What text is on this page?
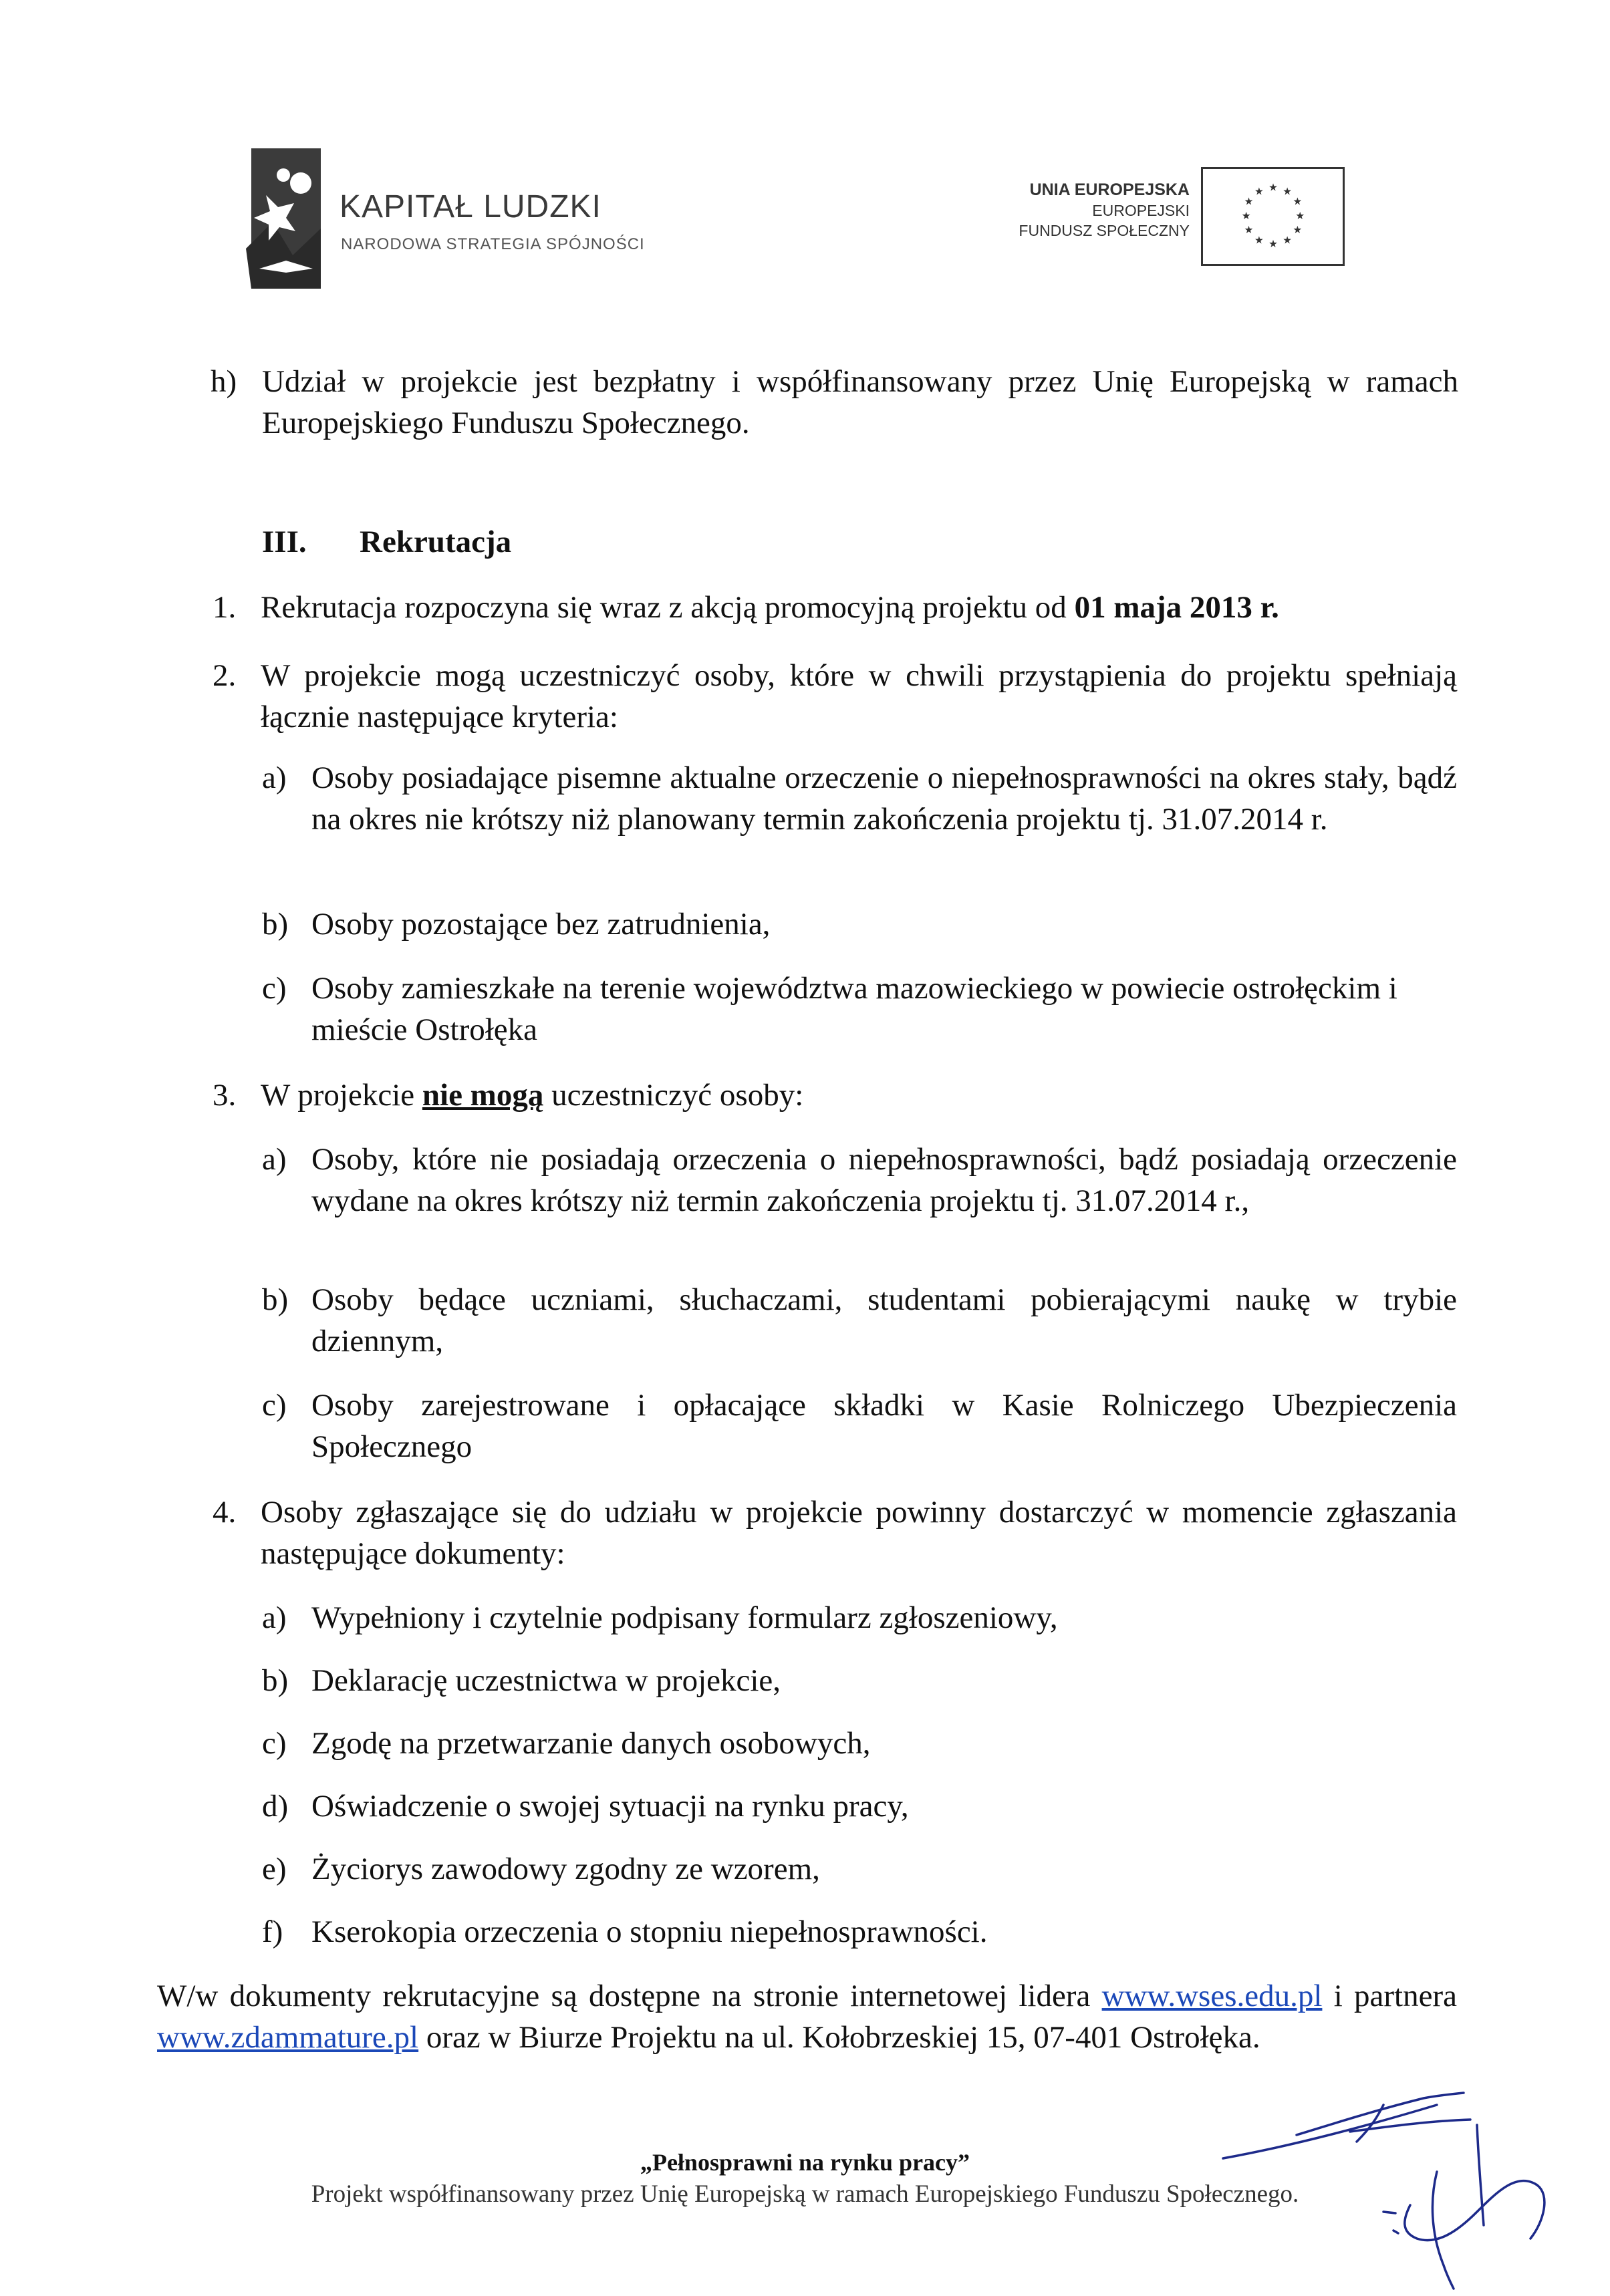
KAPITAŁ LUDZKI
NARODOWA STRATEGIA SPÓJNOŚCI
UNIA EUROPEJSKA
EUROPEJSKI
FUNDUSZ SPOŁECZNY
★ ★
★
★
★
★
★
★
★
★
★
★
h) Udział w projekcie jest bezpłatny i współfinansowany przez Unię Europejską w ramach Europejskiego Funduszu Społecznego.
III. Rekrutacja
1. Rekrutacja rozpoczyna się wraz z akcją promocyjną projektu od 01 maja 2013 r.
2. W projekcie mogą uczestniczyć osoby, które w chwili przystąpienia do projektu spełniają łącznie następujące kryteria:
a) Osoby posiadające pisemne aktualne orzeczenie o niepełnosprawności na okres stały, bądź na okres nie krótszy niż planowany termin zakończenia projektu tj. 31.07.2014 r.
b) Osoby pozostające bez zatrudnienia,
c) Osoby zamieszkałe na terenie województwa mazowieckiego w powiecie ostrołęckim i mieście Ostrołęka
3. W projekcie nie mogą uczestniczyć osoby:
a) Osoby, które nie posiadają orzeczenia o niepełnosprawności, bądź posiadają orzeczenie wydane na okres krótszy niż termin zakończenia projektu tj. 31.07.2014 r.,
b) Osoby będące uczniami, słuchaczami, studentami pobierającymi naukę w trybie dziennym,
c) Osoby zarejestrowane i opłacające składki w Kasie Rolniczego Ubezpieczenia Społecznego
4. Osoby zgłaszające się do udziału w projekcie powinny dostarczyć w momencie zgłaszania następujące dokumenty:
a) Wypełniony i czytelnie podpisany formularz zgłoszeniowy,
b) Deklarację uczestnictwa w projekcie,
c) Zgodę na przetwarzanie danych osobowych,
d) Oświadczenie o swojej sytuacji na rynku pracy,
e) Życiorys zawodowy zgodny ze wzorem,
f) Kserokopia orzeczenia o stopniu niepełnosprawności.
W/w dokumenty rekrutacyjne są dostępne na stronie internetowej lidera www.wses.edu.pl i partnera www.zdammature.pl oraz w Biurze Projektu na ul. Kołobrzeskiej 15, 07-401 Ostrołęka.
„Pełnosprawni na rynku pracy”
Projekt współfinansowany przez Unię Europejską w ramach Europejskiego Funduszu Społecznego.
